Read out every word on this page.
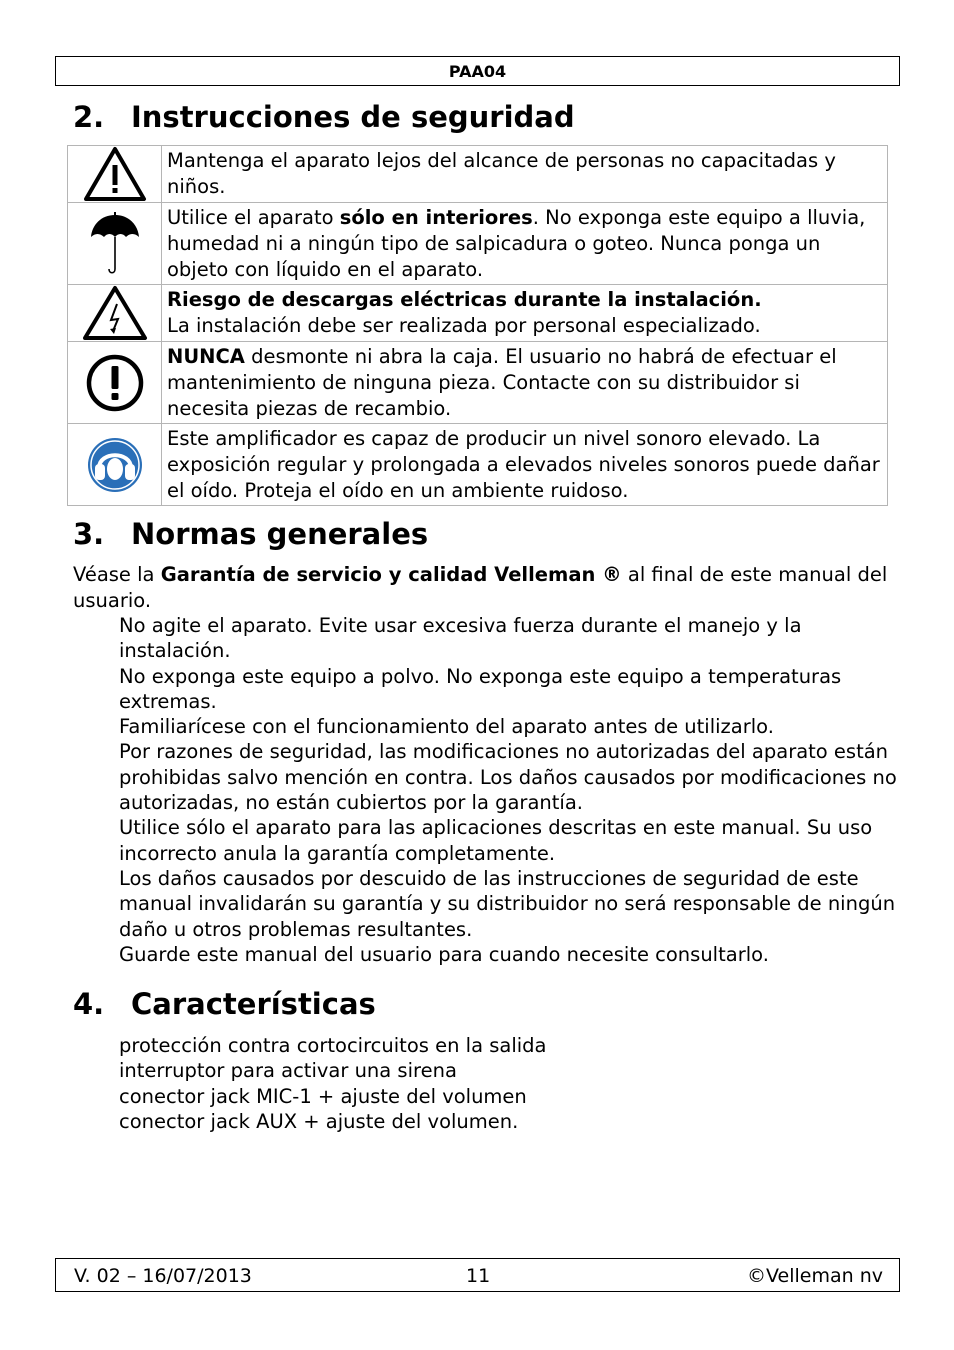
PAA04
2. Instrucciones de seguridad
	Mantenga el aparato lejos del alcance de personas no capacitadas y niños.

	Utilice el aparato sólo en interiores. No exponga este equipo a lluvia, humedad ni a ningún tipo de salpicadura o goteo. Nunca ponga un objeto con líquido en el aparato.

	Riesgo de descargas eléctricas durante la instalación.
La instalación debe ser realizada por personal especializado.

	NUNCA desmonte ni abra la caja. El usuario no habrá de efectuar el mantenimiento de ninguna pieza. Contacte con su distribuidor si necesita piezas de recambio.

	Este amplificador es capaz de producir un nivel sonoro elevado. La exposición regular y prolongada a elevados niveles sonoros puede dañar el oído. Proteja el oído en un ambiente ruidoso.
3. Normas generales

Véase la Garantía de servicio y calidad Velleman ® al final de este manual del usuario.

No agite el aparato. Evite usar excesiva fuerza durante el manejo y la instalación.
No exponga este equipo a polvo. No exponga este equipo a temperaturas extremas.
Familiarícese con el funcionamiento del aparato antes de utilizarlo.
Por razones de seguridad, las modificaciones no autorizadas del aparato están prohibidas salvo mención en contra. Los daños causados por modificaciones no autorizadas, no están cubiertos por la garantía.
Utilice sólo el aparato para las aplicaciones descritas en este manual. Su uso incorrecto anula la garantía completamente.
Los daños causados por descuido de las instrucciones de seguridad de este manual invalidarán su garantía y su distribuidor no será responsable de ningún daño u otros problemas resultantes.
Guarde este manual del usuario para cuando necesite consultarlo.
4. Características
protección contra cortocircuitos en la salida
interruptor para activar una sirena
conector jack MIC-1 + ajuste del volumen
conector jack AUX + ajuste del volumen.
V. 02 – 16/07/2013	11	©Velleman nv
